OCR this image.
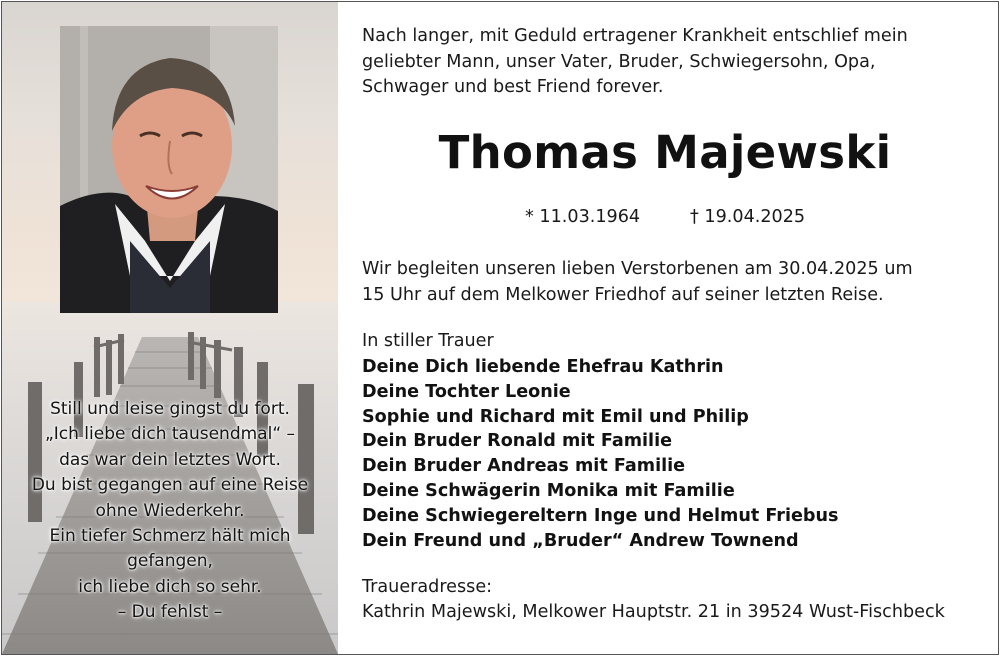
Still und leise gingst du fort.
„Ich liebe dich tausendmal“ –
das war dein letztes Wort.
Du bist gegangen auf eine Reise
ohne Wiederkehr.
Ein tiefer Schmerz hält mich
gefangen,
ich liebe dich so sehr.
– Du fehlst –
Nach langer, mit Geduld ertragener Krankheit entschlief mein
geliebter Mann, unser Vater, Bruder, Schwiegersohn, Opa,
Schwager und best Friend forever.
Thomas Majewski
* 11.03.1964	† 19.04.2025
Wir begleiten unseren lieben Verstorbenen am 30.04.2025 um
15 Uhr auf dem Melkower Friedhof auf seiner letzten Reise.
In stiller Trauer
Deine Dich liebende Ehefrau Kathrin
Deine Tochter Leonie
Sophie und Richard mit Emil und Philip
Dein Bruder Ronald mit Familie
Dein Bruder Andreas mit Familie
Deine Schwägerin Monika mit Familie
Deine Schwiegereltern Inge und Helmut Friebus
Dein Freund und „Bruder“ Andrew Townend
Traueradresse:
Kathrin Majewski, Melkower Hauptstr. 21 in 39524 Wust-Fischbeck
